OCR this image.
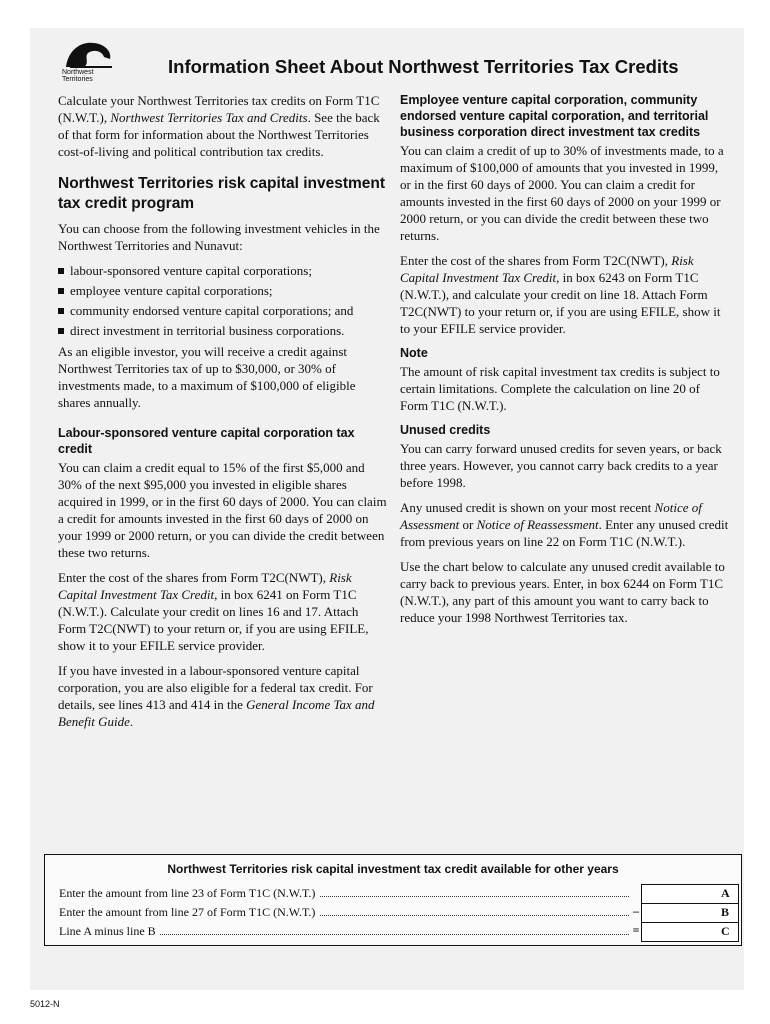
Northwest Territories
Information Sheet About Northwest Territories Tax Credits

Calculate your Northwest Territories tax credits on Form T1C (N.W.T.), Northwest Territories Tax and Credits. See the back of that form for information about the Northwest Territories cost-of-living and political contribution tax credits.

Northwest Territories risk capital investment tax credit program

You can choose from the following investment vehicles in the Northwest Territories and Nunavut:

labour-sponsored venture capital corporations;
employee venture capital corporations;
community endorsed venture capital corporations; and
direct investment in territorial business corporations.

As an eligible investor, you will receive a credit against Northwest Territories tax of up to $30,000, or 30% of investments made, to a maximum of $100,000 of eligible shares annually.

Labour-sponsored venture capital corporation tax credit

You can claim a credit equal to 15% of the first $5,000 and 30% of the next $95,000 you invested in eligible shares acquired in 1999, or in the first 60 days of 2000. You can claim a credit for amounts invested in the first 60 days of 2000 on your 1999 or 2000 return, or you can divide the credit between these two returns.

Enter the cost of the shares from Form T2C(NWT), Risk Capital Investment Tax Credit, in box 6241 on Form T1C (N.W.T.). Calculate your credit on lines 16 and 17. Attach Form T2C(NWT) to your return or, if you are using EFILE, show it to your EFILE service provider.

If you have invested in a labour-sponsored venture capital corporation, you are also eligible for a federal tax credit. For details, see lines 413 and 414 in the General Income Tax and Benefit Guide.

Employee venture capital corporation, community endorsed venture capital corporation, and territorial business corporation direct investment tax credits

You can claim a credit of up to 30% of investments made, to a maximum of $100,000 of amounts that you invested in 1999, or in the first 60 days of 2000. You can claim a credit for amounts invested in the first 60 days of 2000 on your 1999 or 2000 return, or you can divide the credit between these two returns.

Enter the cost of the shares from Form T2C(NWT), Risk Capital Investment Tax Credit, in box 6243 on Form T1C (N.W.T.), and calculate your credit on line 18. Attach Form T2C(NWT) to your return or, if you are using EFILE, show it to your EFILE service provider.

Note

The amount of risk capital investment tax credits is subject to certain limitations. Complete the calculation on line 20 of Form T1C (N.W.T.).

Unused credits

You can carry forward unused credits for seven years, or back three years. However, you cannot carry back credits to a year before 1998.

Any unused credit is shown on your most recent Notice of Assessment or Notice of Reassessment. Enter any unused credit from previous years on line 22 on Form T1C (N.W.T.).

Use the chart below to calculate any unused credit available to carry back to previous years. Enter, in box 6244 on Form T1C (N.W.T.), any part of this amount you want to carry back to reduce your 1998 Northwest Territories tax.

Northwest Territories risk capital investment tax credit available for other years
Enter the amount from line 23 of Form T1C (N.W.T.)	A
Enter the amount from line 27 of Form T1C (N.W.T.)	–	B
Line A minus line B	=	C
5012-N
